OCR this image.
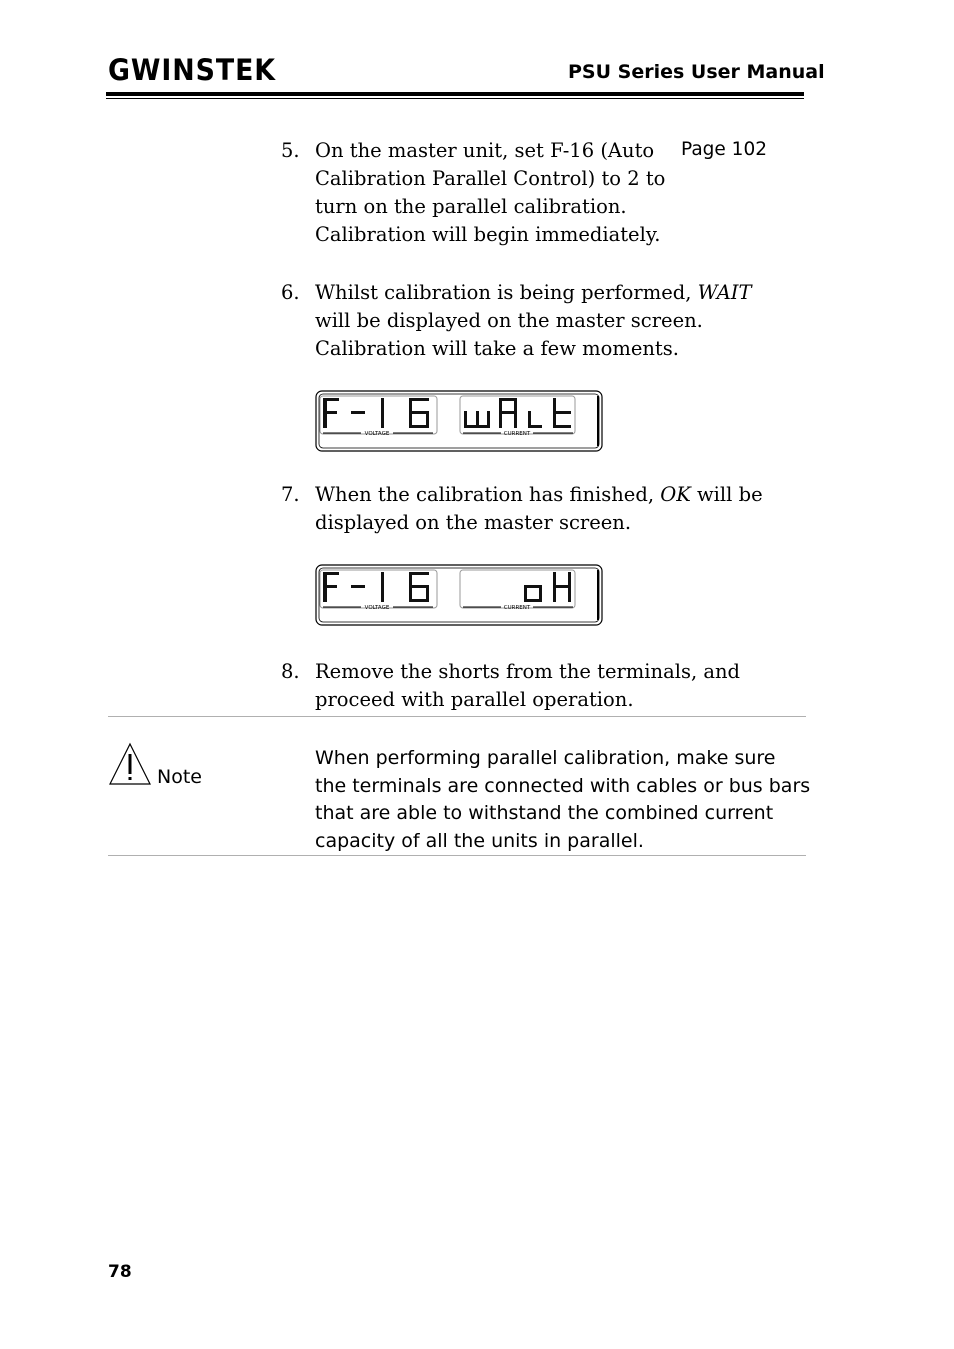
GWINSTEK	PSU Series User Manual
5. On the master unit, set F-16 (Auto
Calibration Parallel Control) to 2 to
turn on the parallel calibration.
Calibration will begin immediately.
Page 102
6. Whilst calibration is being performed, WAIT
will be displayed on the master screen.
Calibration will take a few moments.
VOLTAGE	CURRENT
7. When the calibration has finished, OK will be
displayed on the master screen.
VOLTAGE	CURRENT
8. Remove the shorts from the terminals, and
proceed with parallel operation.
Note
When performing parallel calibration, make sure
the terminals are connected with cables or bus bars
that are able to withstand the combined current
capacity of all the units in parallel.
78
